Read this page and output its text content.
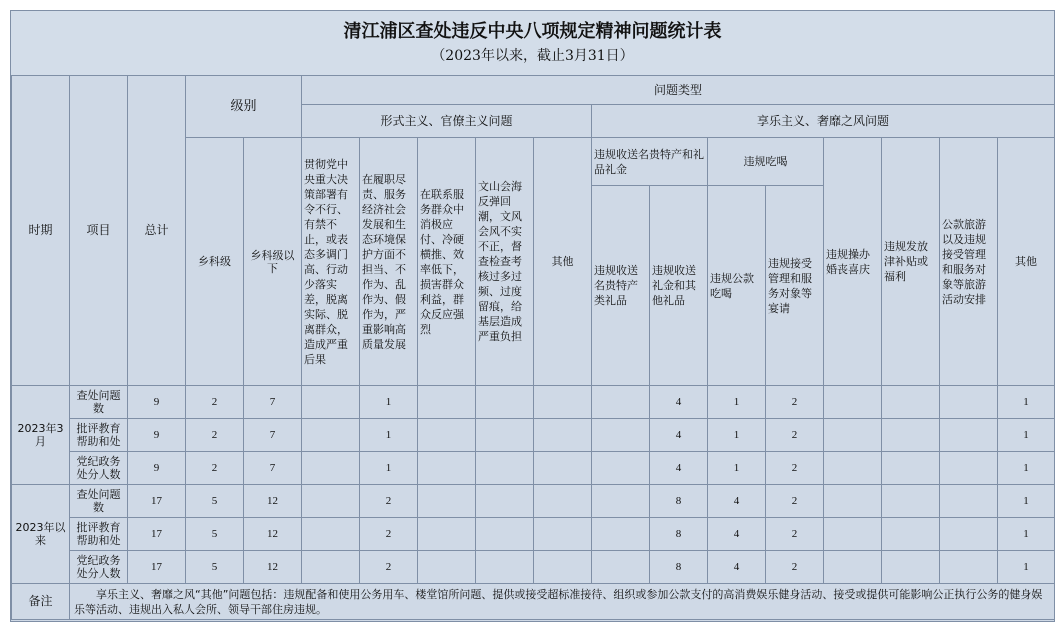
清江浦区查处违反中央八项规定精神问题统计表
（2023年以来，截止3月31日）
时期	项目	总计	级别		问题类型												
					形式主义、官僚主义问题					享乐主义、奢靡之风问题							
			乡科级	乡科级以下	贯彻党中央重大决策部署有令不行、有禁不止，或表态多调门高、行动少落实差，脱离实际、脱离群众，造成严重后果	在履职尽责、服务经济社会发展和生态环境保护方面不担当、不作为、乱作为、假作为，严重影响高质量发展	在联系服务群众中消极应付、冷硬横推、效率低下，损害群众利益，群众反应强烈	文山会海反弹回潮，文风会风不实不正，督查检查考核过多过频、过度留痕，给基层造成严重负担	其他	违规收送名贵特产和礼品礼金		违规吃喝		违规操办婚丧喜庆	违规发放津补贴或福利	公款旅游以及违规接受管理和服务对象等旅游活动安排	其他
										违规收送名贵特产类礼品	违规收送礼金和其他礼品	违规公款吃喝	违规接受管理和服务对象等宴请				
2023年3月	查处问题数	9	2	7		1					4	1	2				1
	批评教育帮助和处	9	2	7		1					4	1	2				1
	党纪政务处分人数	9	2	7		1					4	1	2				1
2023年以来	查处问题数	17	5	12		2					8	4	2				1
	批评教育帮助和处	17	5	12		2					8	4	2				1
	党纪政务处分人数	17	5	12		2					8	4	2				1
备注	享乐主义、奢靡之风“其他”问题包括：违规配备和使用公务用车、楼堂馆所问题、提供或接受超标准接待、组织或参加公款支付的高消费娱乐健身活动、接受或提供可能影响公正执行公务的健身娱乐等活动、违规出入私人会所、领导干部住房违规。																
